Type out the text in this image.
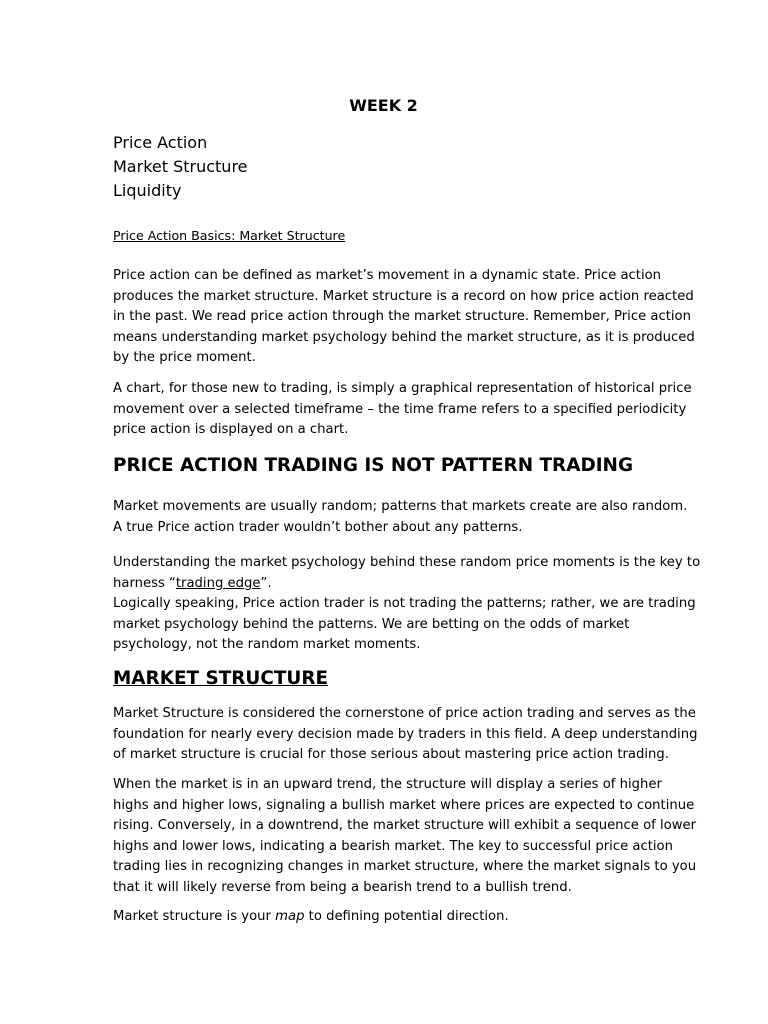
WEEK 2
Price Action
Market Structure
Liquidity
Price Action Basics: Market Structure
Price action can be defined as market’s movement in a dynamic state. Price action
produces the market structure. Market structure is a record on how price action reacted
in the past. We read price action through the market structure. Remember, Price action
means understanding market psychology behind the market structure, as it is produced
by the price moment.
A chart, for those new to trading, is simply a graphical representation of historical price
movement over a selected timeframe – the time frame refers to a specified periodicity
price action is displayed on a chart.
PRICE ACTION TRADING IS NOT PATTERN TRADING
Market movements are usually random; patterns that markets create are also random.
A true Price action trader wouldn’t bother about any patterns.
Understanding the market psychology behind these random price moments is the key to
harness “trading edge”.
Logically speaking, Price action trader is not trading the patterns; rather, we are trading
market psychology behind the patterns. We are betting on the odds of market
psychology, not the random market moments.
MARKET STRUCTURE
Market Structure is considered the cornerstone of price action trading and serves as the
foundation for nearly every decision made by traders in this field. A deep understanding
of market structure is crucial for those serious about mastering price action trading.
When the market is in an upward trend, the structure will display a series of higher
highs and higher lows, signaling a bullish market where prices are expected to continue
rising. Conversely, in a downtrend, the market structure will exhibit a sequence of lower
highs and lower lows, indicating a bearish market. The key to successful price action
trading lies in recognizing changes in market structure, where the market signals to you
that it will likely reverse from being a bearish trend to a bullish trend.
Market structure is your map to defining potential direction.
